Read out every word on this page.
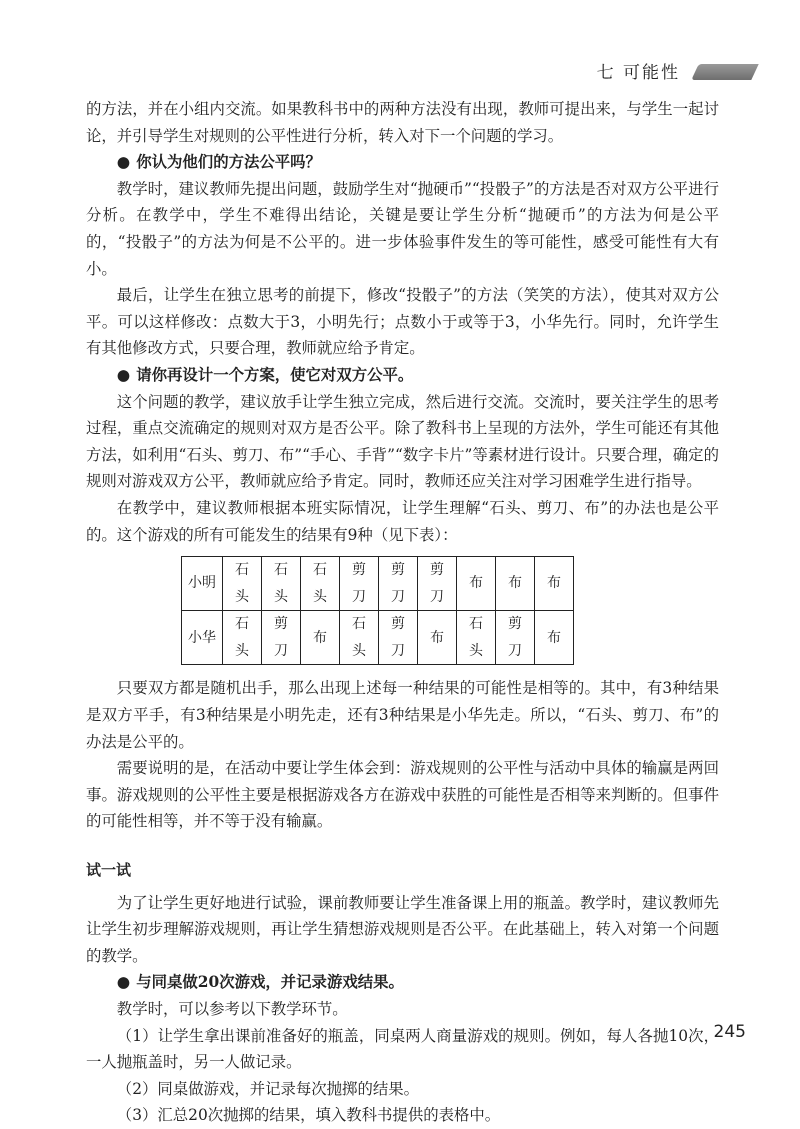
七 可能性

的方法，并在小组内交流。如果教科书中的两种方法没有出现，教师可提出来，与学生一起讨论，并引导学生对规则的公平性进行分析，转入对下一个问题的学习。

● 你认为他们的方法公平吗？

教学时，建议教师先提出问题，鼓励学生对“抛硬币”“投骰子”的方法是否对双方公平进行分析。在教学中，学生不难得出结论，关键是要让学生分析“抛硬币”的方法为何是公平的，“投骰子”的方法为何是不公平的。进一步体验事件发生的等可能性，感受可能性有大有小。

最后，让学生在独立思考的前提下，修改“投骰子”的方法（笑笑的方法），使其对双方公平。可以这样修改：点数大于3，小明先行；点数小于或等于3，小华先行。同时，允许学生有其他修改方式，只要合理，教师就应给予肯定。

● 请你再设计一个方案，使它对双方公平。

这个问题的教学，建议放手让学生独立完成，然后进行交流。交流时，要关注学生的思考过程，重点交流确定的规则对双方是否公平。除了教科书上呈现的方法外，学生可能还有其他方法，如利用“石头、剪刀、布”“手心、手背”“数字卡片”等素材进行设计。只要合理，确定的规则对游戏双方公平，教师就应给予肯定。同时，教师还应关注对学习困难学生进行指导。

在教学中，建议教师根据本班实际情况，让学生理解“石头、剪刀、布”的办法也是公平的。这个游戏的所有可能发生的结果有9种（见下表）：

小明	石头	石头	石头	剪刀	剪刀	剪刀	布	布	布
小华	石头	剪刀	布	石头	剪刀	布	石头	剪刀	布

只要双方都是随机出手，那么出现上述每一种结果的可能性是相等的。其中，有3种结果是双方平手，有3种结果是小明先走，还有3种结果是小华先走。所以，“石头、剪刀、布”的办法是公平的。

需要说明的是，在活动中要让学生体会到：游戏规则的公平性与活动中具体的输赢是两回事。游戏规则的公平性主要是根据游戏各方在游戏中获胜的可能性是否相等来判断的。但事件的可能性相等，并不等于没有输赢。

试一试

为了让学生更好地进行试验，课前教师要让学生准备课上用的瓶盖。教学时，建议教师先让学生初步理解游戏规则，再让学生猜想游戏规则是否公平。在此基础上，转入对第一个问题的教学。

● 与同桌做20次游戏，并记录游戏结果。

教学时，可以参考以下教学环节。

（1）让学生拿出课前准备好的瓶盖，同桌两人商量游戏的规则。例如，每人各抛10次，一人抛瓶盖时，另一人做记录。

（2）同桌做游戏，并记录每次抛掷的结果。

（3）汇总20次抛掷的结果，填入教科书提供的表格中。

245
